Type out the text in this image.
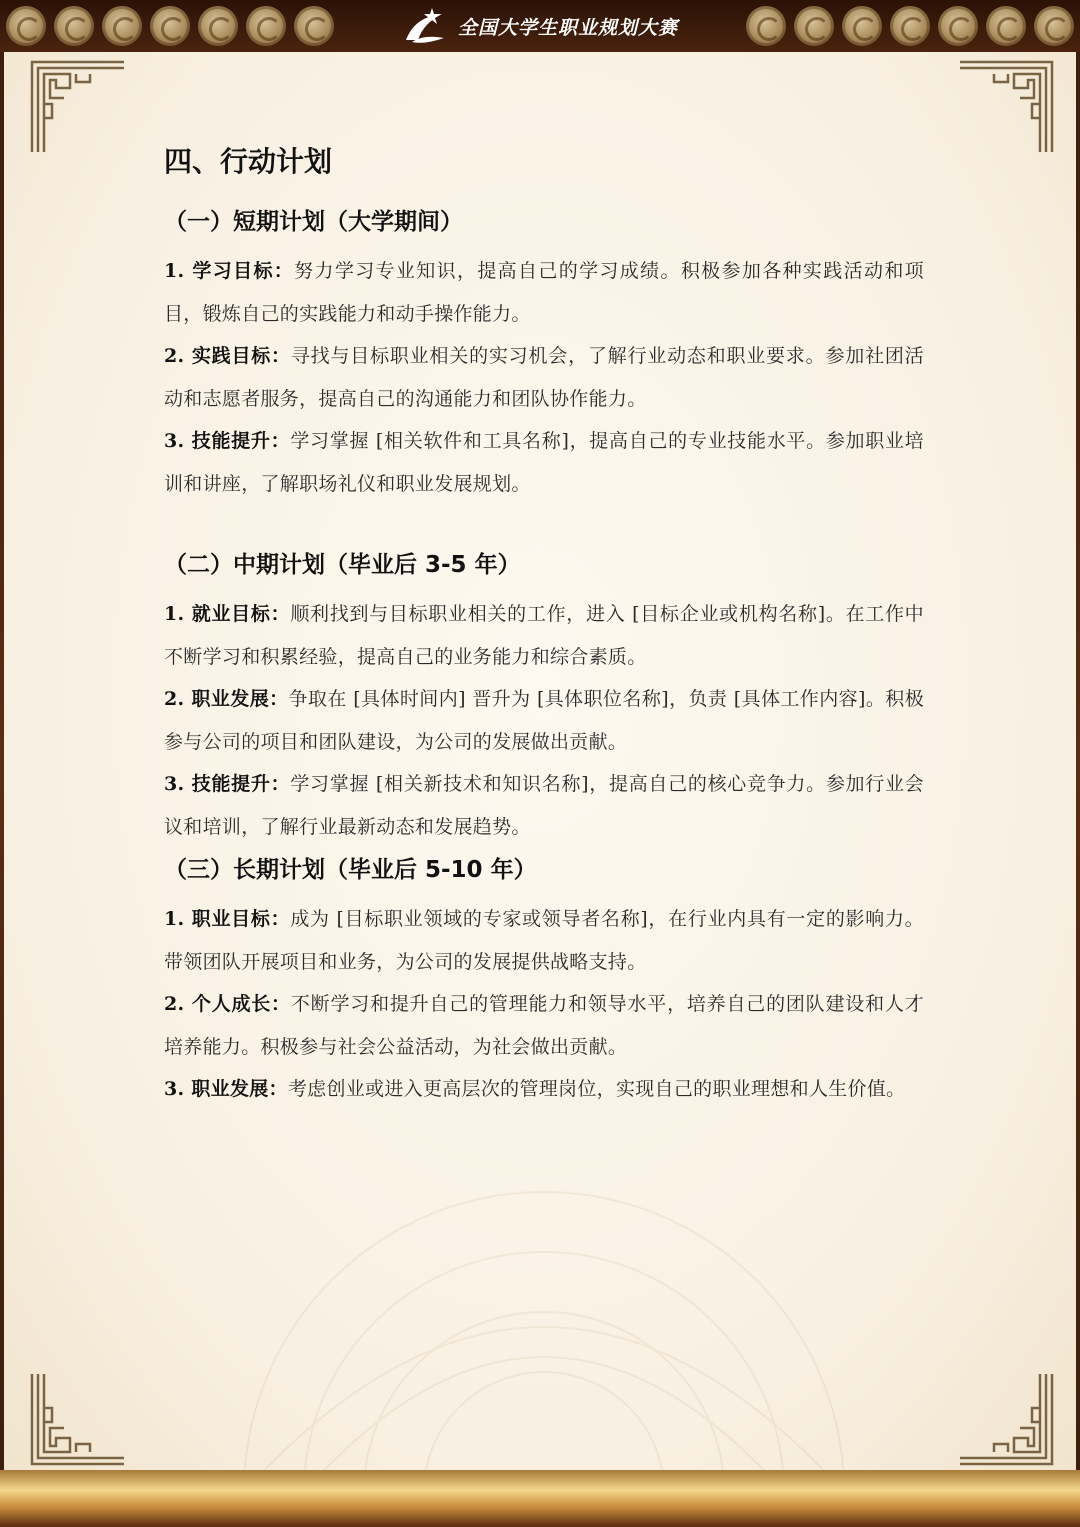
全国大学生职业规划大赛
四、行动计划
（一）短期计划（大学期间）

1. 学习目标：努力学习专业知识，提高自己的学习成绩。积极参加各种实践活动和项目，锻炼自己的实践能力和动手操作能力。

2. 实践目标：寻找与目标职业相关的实习机会，了解行业动态和职业要求。参加社团活动和志愿者服务，提高自己的沟通能力和团队协作能力。

3. 技能提升：学习掌握 [相关软件和工具名称]，提高自己的专业技能水平。参加职业培训和讲座，了解职场礼仪和职业发展规划。

（二）中期计划（毕业后 3-5 年）

1. 就业目标：顺利找到与目标职业相关的工作，进入 [目标企业或机构名称]。在工作中不断学习和积累经验，提高自己的业务能力和综合素质。

2. 职业发展：争取在 [具体时间内] 晋升为 [具体职位名称]，负责 [具体工作内容]。积极参与公司的项目和团队建设，为公司的发展做出贡献。

3. 技能提升：学习掌握 [相关新技术和知识名称]，提高自己的核心竞争力。参加行业会议和培训，了解行业最新动态和发展趋势。

（三）长期计划（毕业后 5-10 年）

1. 职业目标：成为 [目标职业领域的专家或领导者名称]，在行业内具有一定的影响力。带领团队开展项目和业务，为公司的发展提供战略支持。

2. 个人成长：不断学习和提升自己的管理能力和领导水平，培养自己的团队建设和人才培养能力。积极参与社会公益活动，为社会做出贡献。

3. 职业发展：考虑创业或进入更高层次的管理岗位，实现自己的职业理想和人生价值。
